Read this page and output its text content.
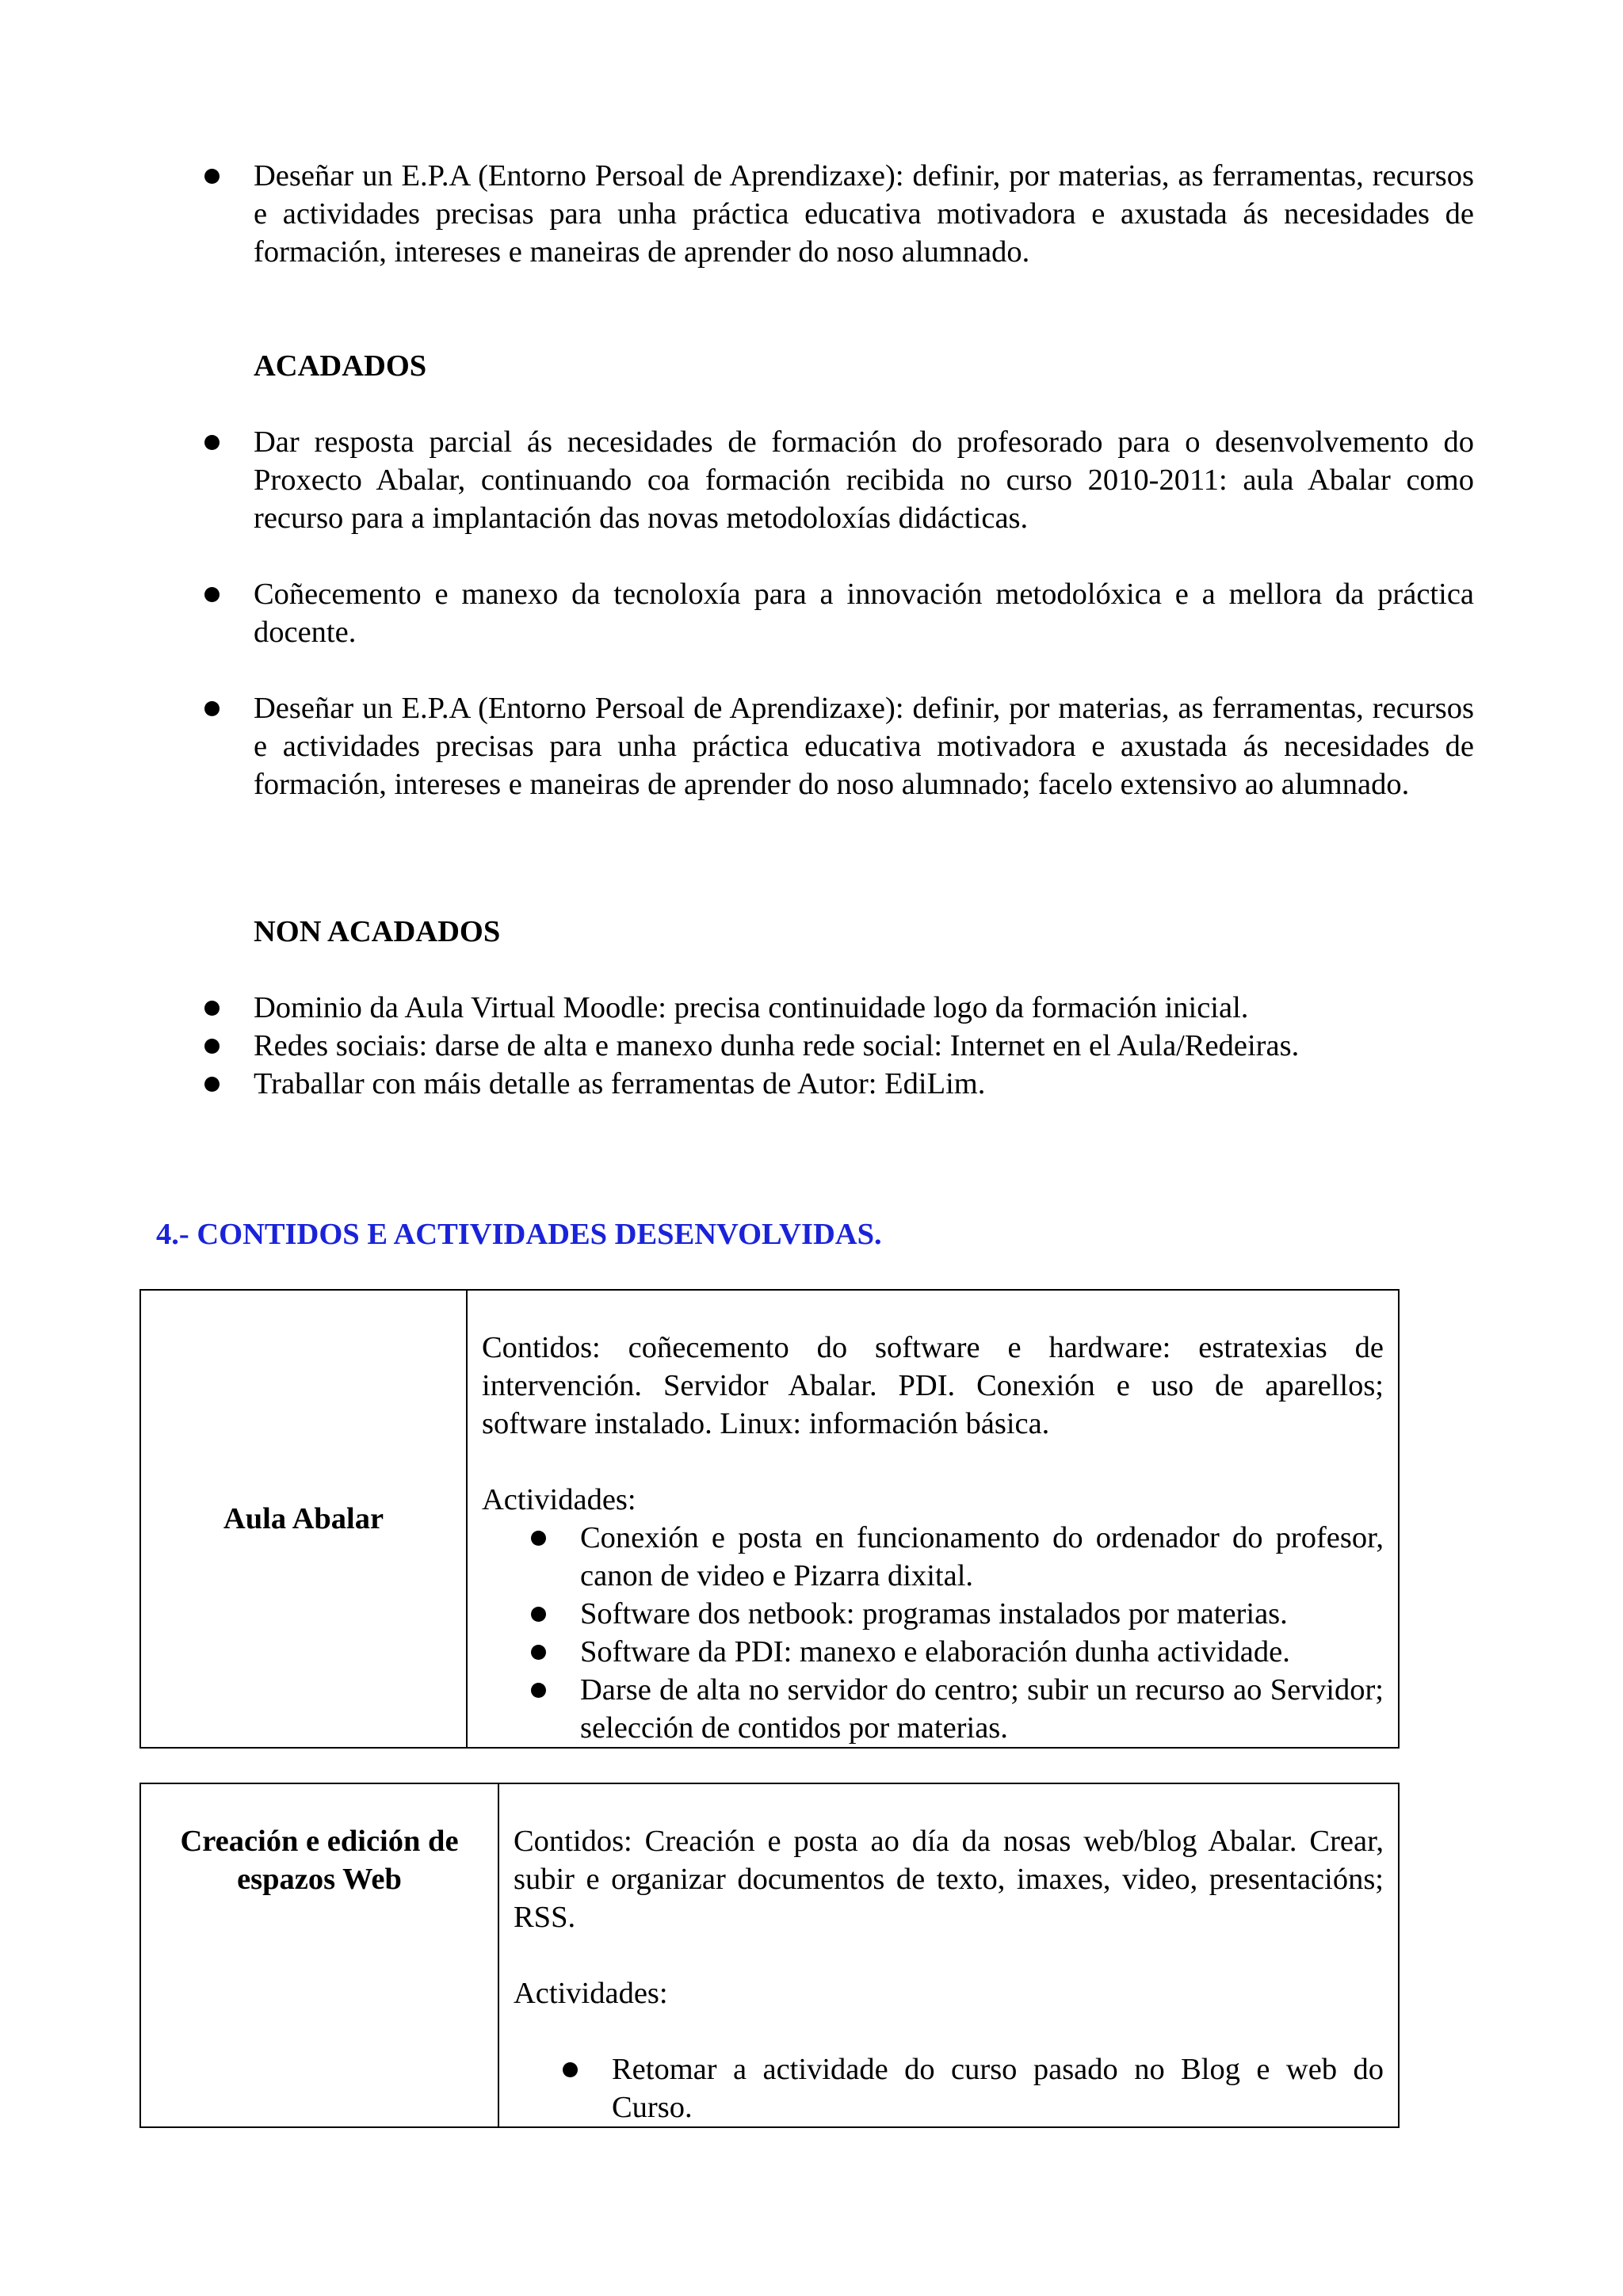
Deseñar un E.P.A (Entorno Persoal de Aprendizaxe): definir, por materias, as ferramentas, recursos e actividades precisas para unha práctica educativa motivadora e axustada ás necesidades de formación, intereses e maneiras de aprender do noso alumnado.
ACADADOS
Dar resposta parcial ás necesidades de formación do profesorado para o desenvolvemento do Proxecto Abalar, continuando coa formación recibida no curso 2010-2011: aula Abalar como recurso para a implantación das novas metodoloxías didácticas.
Coñecemento e manexo da tecnoloxía para a innovación metodolóxica e a mellora da práctica docente.
Deseñar un E.P.A (Entorno Persoal de Aprendizaxe): definir, por materias, as ferramentas, recursos e actividades precisas para unha práctica educativa motivadora e axustada ás necesidades de formación, intereses e maneiras de aprender do noso alumnado; facelo extensivo ao alumnado.
NON ACADADOS
Dominio da Aula Virtual Moodle: precisa continuidade logo da formación inicial.
Redes sociais: darse de alta e manexo dunha rede social: Internet en el Aula/Redeiras.
Traballar con máis detalle as ferramentas de Autor: EdiLim.
4.- CONTIDOS E ACTIVIDADES DESENVOLVIDAS.
Aula Abalar	
Contidos: coñecemento do software e hardware: estratexias de intervención. Servidor Abalar. PDI. Conexión e uso de aparellos; software instalado. Linux: información básica.
Actividades:
Conexión e posta en funcionamento do ordenador do profesor, canon de video e Pizarra dixital.
Software dos netbook: programas instalados por materias.
Software da PDI: manexo e elaboración dunha actividade.
Darse de alta no servidor do centro; subir un recurso ao Servidor; selección de contidos por materias.
Creación e edición de espazos Web	
Contidos: Creación e posta ao día da nosas web/blog Abalar. Crear, subir e organizar documentos de texto, imaxes, video, presentacións; RSS.
Actividades:
Retomar a actividade do curso pasado no Blog e web do Curso.
